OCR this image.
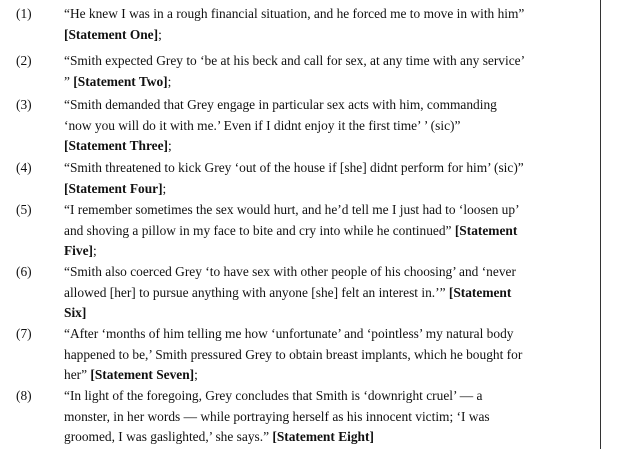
(1) “He knew I was in a rough financial situation, and he forced me to move in with him”
[Statement One];
(2) “Smith expected Grey to ‘be at his beck and call for sex, at any time with any service’
” [Statement Two];
(3) “Smith demanded that Grey engage in particular sex acts with him, commanding
‘now you will do it with me.’ Even if I didnt enjoy it the first time’ ’ (sic)”
[Statement Three];
(4) “Smith threatened to kick Grey ‘out of the house if [she] didnt perform for him’ (sic)”
[Statement Four];
(5) “I remember sometimes the sex would hurt, and he’d tell me I just had to ‘loosen up’
and shoving a pillow in my face to bite and cry into while he continued” [Statement
Five];
(6) “Smith also coerced Grey ‘to have sex with other people of his choosing’ and ‘never
allowed [her] to pursue anything with anyone [she] felt an interest in.’” [Statement
Six]
(7) “After ‘months of him telling me how ‘unfortunate’ and ‘pointless’ my natural body
happened to be,’ Smith pressured Grey to obtain breast implants, which he bought for
her” [Statement Seven];
(8) “In light of the foregoing, Grey concludes that Smith is ‘downright cruel’ — a
monster, in her words — while portraying herself as his innocent victim; ‘I was
groomed, I was gaslighted,’ she says.” [Statement Eight]
